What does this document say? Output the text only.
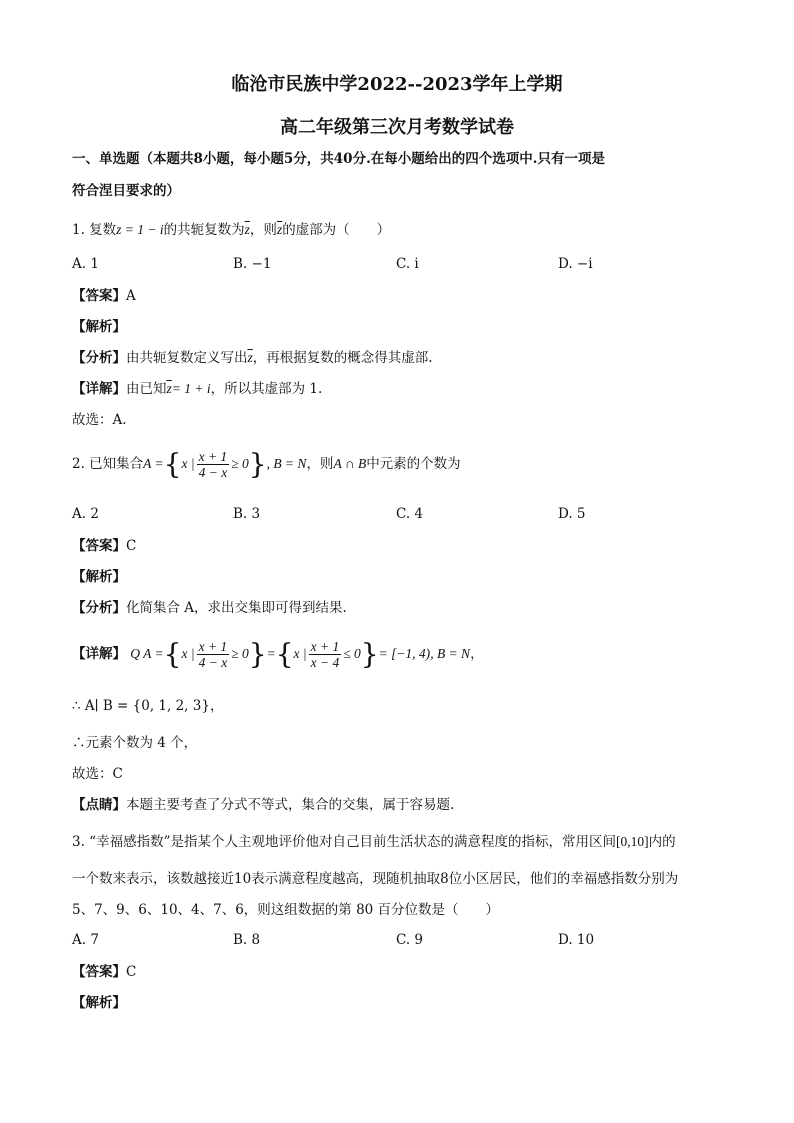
临沧市民族中学2022--2023学年上学期
高二年级第三次月考数学试卷
一、单选题（本题共8小题，每小题5分，共40分.在每小题给出的四个选项中.只有一项是
符合涅目要求的）
1. 复数z = 1 − i的共轭复数为$\overline{z}$，则$\overline{z}$的虚部为（　　）
A. 1	B. −1	C. i	D. −i
【答案】A
【解析】
【分析】由共轭复数定义写出$\overline{z}$，再根据复数的概念得其虚部.
【详解】由已知$\overline{z}= 1 + i$，所以其虚部为 1.
故选：A.
2. 已知集合A ={x | $\frac{x + 1}{4 - x} \ge 0$}, B = N，则A ∩ B中元素的个数为
A. 2	B. 3	C. 4	D. 5
【答案】C
【解析】
【分析】化简集合 A，求出交集即可得到结果.
【详解】 Q A ={x | $\frac{x + 1}{4 - x} \ge 0\}=\{x$ | $\frac{x + 1}{x - 4} \le 0\}= [-1$, 4), B = N，
∴ A∣ B = {0, 1, 2, 3}，
∴元素个数为 4 个，
故选：C
【点睛】本题主要考查了分式不等式，集合的交集，属于容易题.
3. “幸福感指数”是指某个人主观地评价他对自己目前生活状态的满意程度的指标，常用区间[0,10]内的
一个数来表示，该数越接近10表示满意程度越高，现随机抽取8位小区居民，他们的幸福感指数分别为
5、7、9、6、10、4、7、6，则这组数据的第 80 百分位数是（　　）
A. 7	B. 8	C. 9	D. 10
【答案】C
【解析】
